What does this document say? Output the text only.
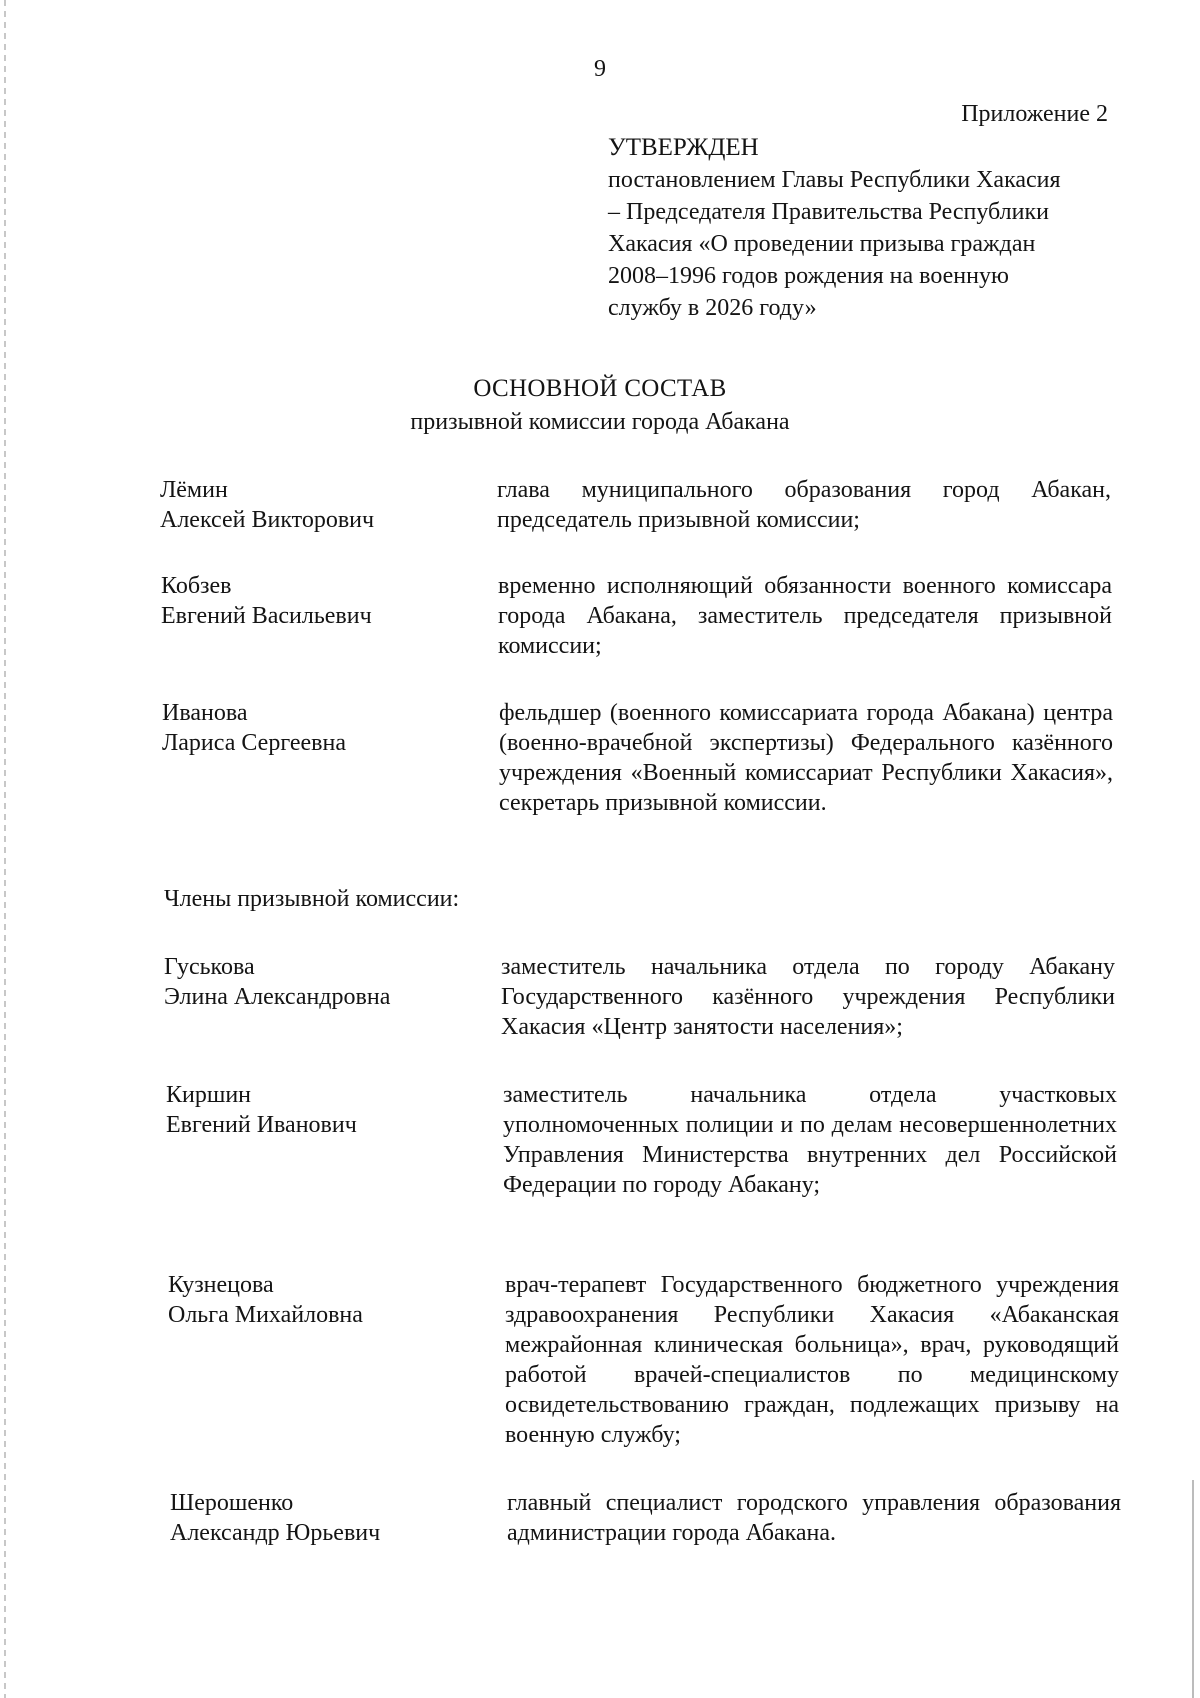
9
Приложение 2
УТВЕРЖДЕН
постановлением Главы Республики Хакасия
– Председателя Правительства Республики
Хакасия «О проведении призыва граждан
2008–1996 годов рождения на военную
службу в 2026 году»
ОСНОВНОЙ СОСТАВ
призывной комиссии города Абакана
Лёмин
Алексей Викторович
глава муниципального образования город Абакан, председатель призывной комиссии;
Кобзев
Евгений Васильевич
временно исполняющий обязанности военного комиссара города Абакана, заместитель председателя призывной комиссии;
Иванова
Лариса Сергеевна
фельдшер (военного комиссариата города Абакана) центра (военно-врачебной экспертизы) Федерального казённого учреждения «Военный комиссариат Республики Хакасия», секретарь призывной комиссии.
Члены призывной комиссии:
Гуськова
Элина Александровна
заместитель начальника отдела по городу Абакану Государственного казённого учреждения Республики Хакасия «Центр занятости населения»;
Киршин
Евгений Иванович
заместитель начальника отдела участковых уполномоченных полиции и по делам несовершеннолетних Управления Министерства внутренних дел Российской Федерации по городу Абакану;
Кузнецова
Ольга Михайловна
врач-терапевт Государственного бюджетного учреждения здравоохранения Республики Хакасия «Абаканская межрайонная клиническая больница», врач, руководящий работой врачей-специалистов по медицинскому освидетельствованию граждан, подлежащих призыву на военную службу;
Шерошенко
Александр Юрьевич
главный специалист городского управления образования администрации города Абакана.
